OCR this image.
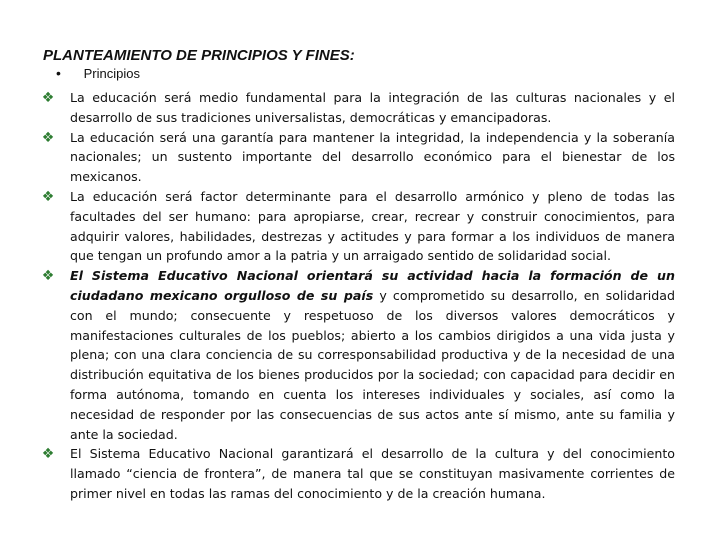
PLANTEAMIENTO DE PRINCIPIOS Y FINES:
• Principios
❖ La educación será medio fundamental para la integración de las culturas nacionales y el desarrollo de sus tradiciones universalistas, democráticas y emancipadoras.
❖ La educación será una garantía para mantener la integridad, la independencia y la soberanía nacionales; un sustento importante del desarrollo económico para el bienestar de los mexicanos.
❖ La educación será factor determinante para el desarrollo armónico y pleno de todas las facultades del ser humano: para apropiarse, crear, recrear y construir conocimientos, para adquirir valores, habilidades, destrezas y actitudes y para formar a los individuos de manera que tengan un profundo amor a la patria y un arraigado sentido de solidaridad social.
❖ El Sistema Educativo Nacional orientará su actividad hacia la formación de un ciudadano mexicano orgulloso de su país y comprometido su desarrollo, en solidaridad con el mundo; consecuente y respetuoso de los diversos valores democráticos y manifestaciones culturales de los pueblos; abierto a los cambios dirigidos a una vida justa y plena; con una clara conciencia de su corresponsabilidad productiva y de la necesidad de una distribución equitativa de los bienes producidos por la sociedad; con capacidad para decidir en forma autónoma, tomando en cuenta los intereses individuales y sociales, así como la necesidad de responder por las consecuencias de sus actos ante sí mismo, ante su familia y ante la sociedad.
❖ El Sistema Educativo Nacional garantizará el desarrollo de la cultura y del conocimiento llamado “ciencia de frontera”, de manera tal que se constituyan masivamente corrientes de primer nivel en todas las ramas del conocimiento y de la creación humana.
